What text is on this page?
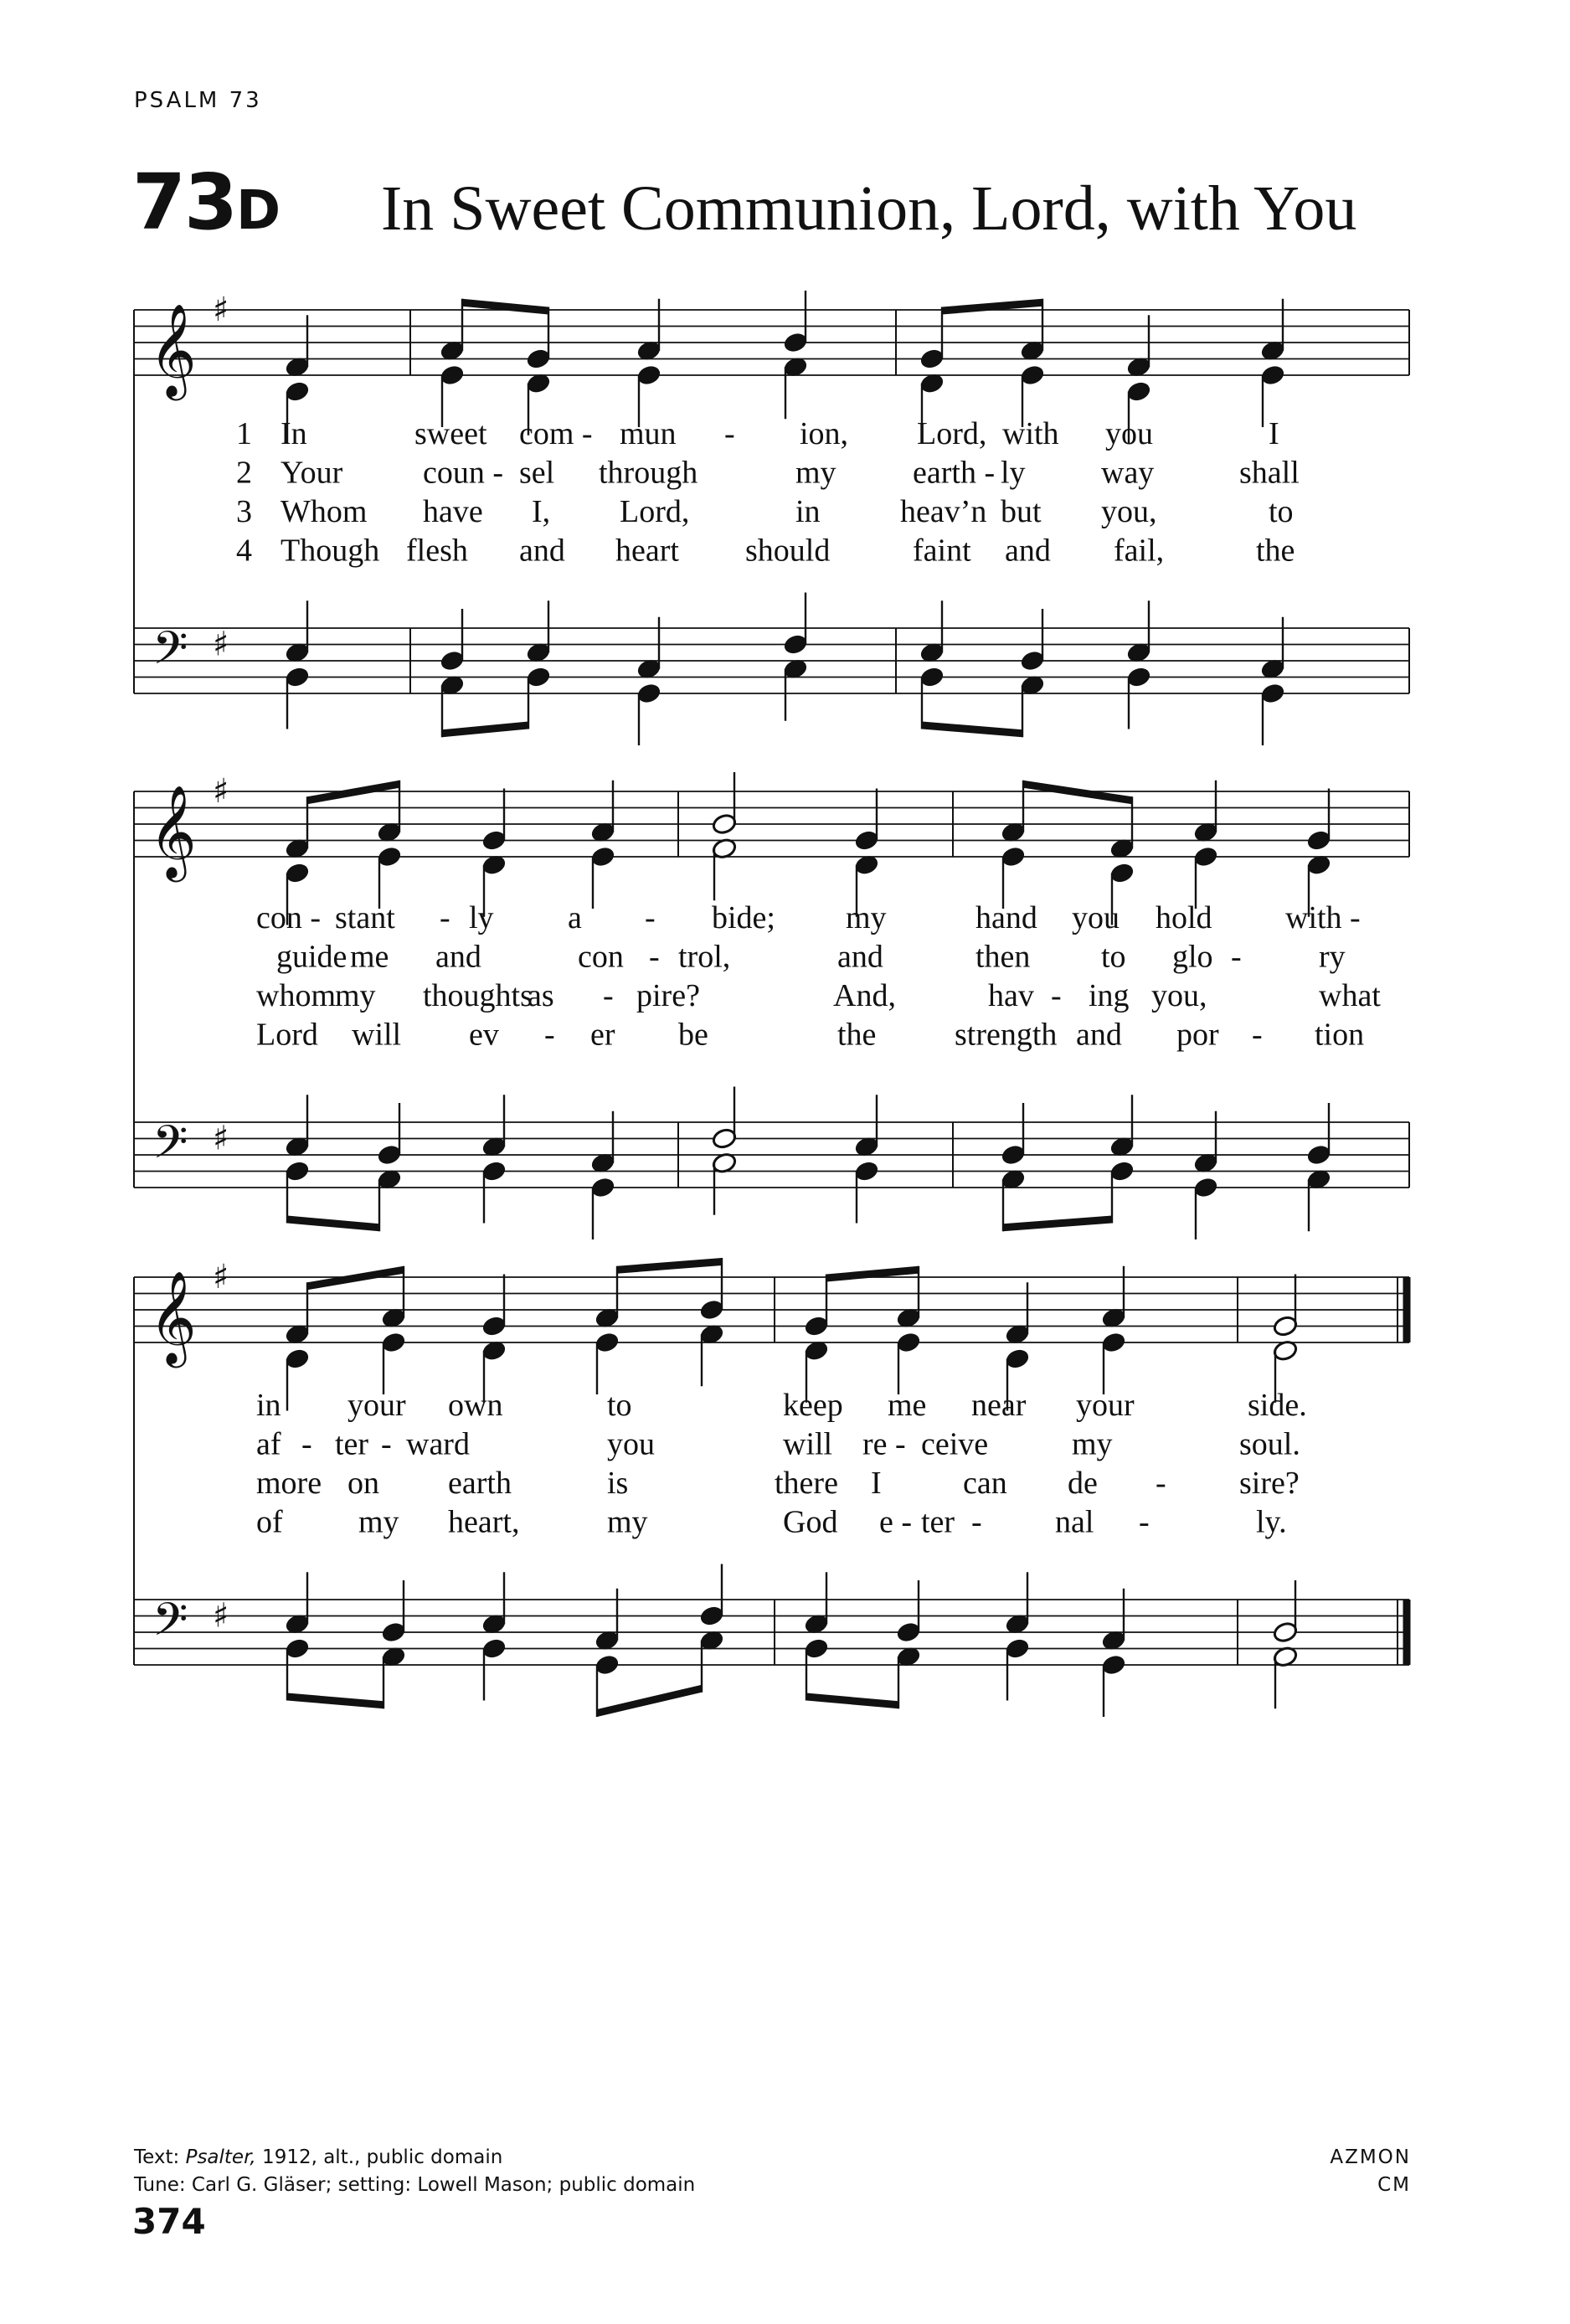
PSALM 73
73D In Sweet Communion, Lord, with You
𝄞
𝄢
♯
♯
1 In	sweet com - mun - ion, Lord, with you	I
2 Your	coun - sel through	my earth - ly way	shall
3 Whom have I, Lord,	in	heav’n but you,	to
4 Though flesh and heart should	faint and fail,	the
𝄞
𝄢
♯
♯
con - stant - ly a - bide; my	hand you hold with -
guide me and	con - trol,	and	then to glo - ry
whom my thoughts
as - pire?	And,	hav - ing you,	what
Lord will ev - er be	the strength and por - tion
𝄞
𝄢
♯
♯
in your own	to	keep me near your	side.
af - ter - ward	you	will re - ceive	my	soul.
more on earth	is	there I	can de - sire?
of my heart,	my	God e - ter - nal -	ly.
Text: Psalter, 1912, alt., public domain
Tune: Carl G. Gläser; setting: Lowell Mason; public domain
AZMON
CM
374
